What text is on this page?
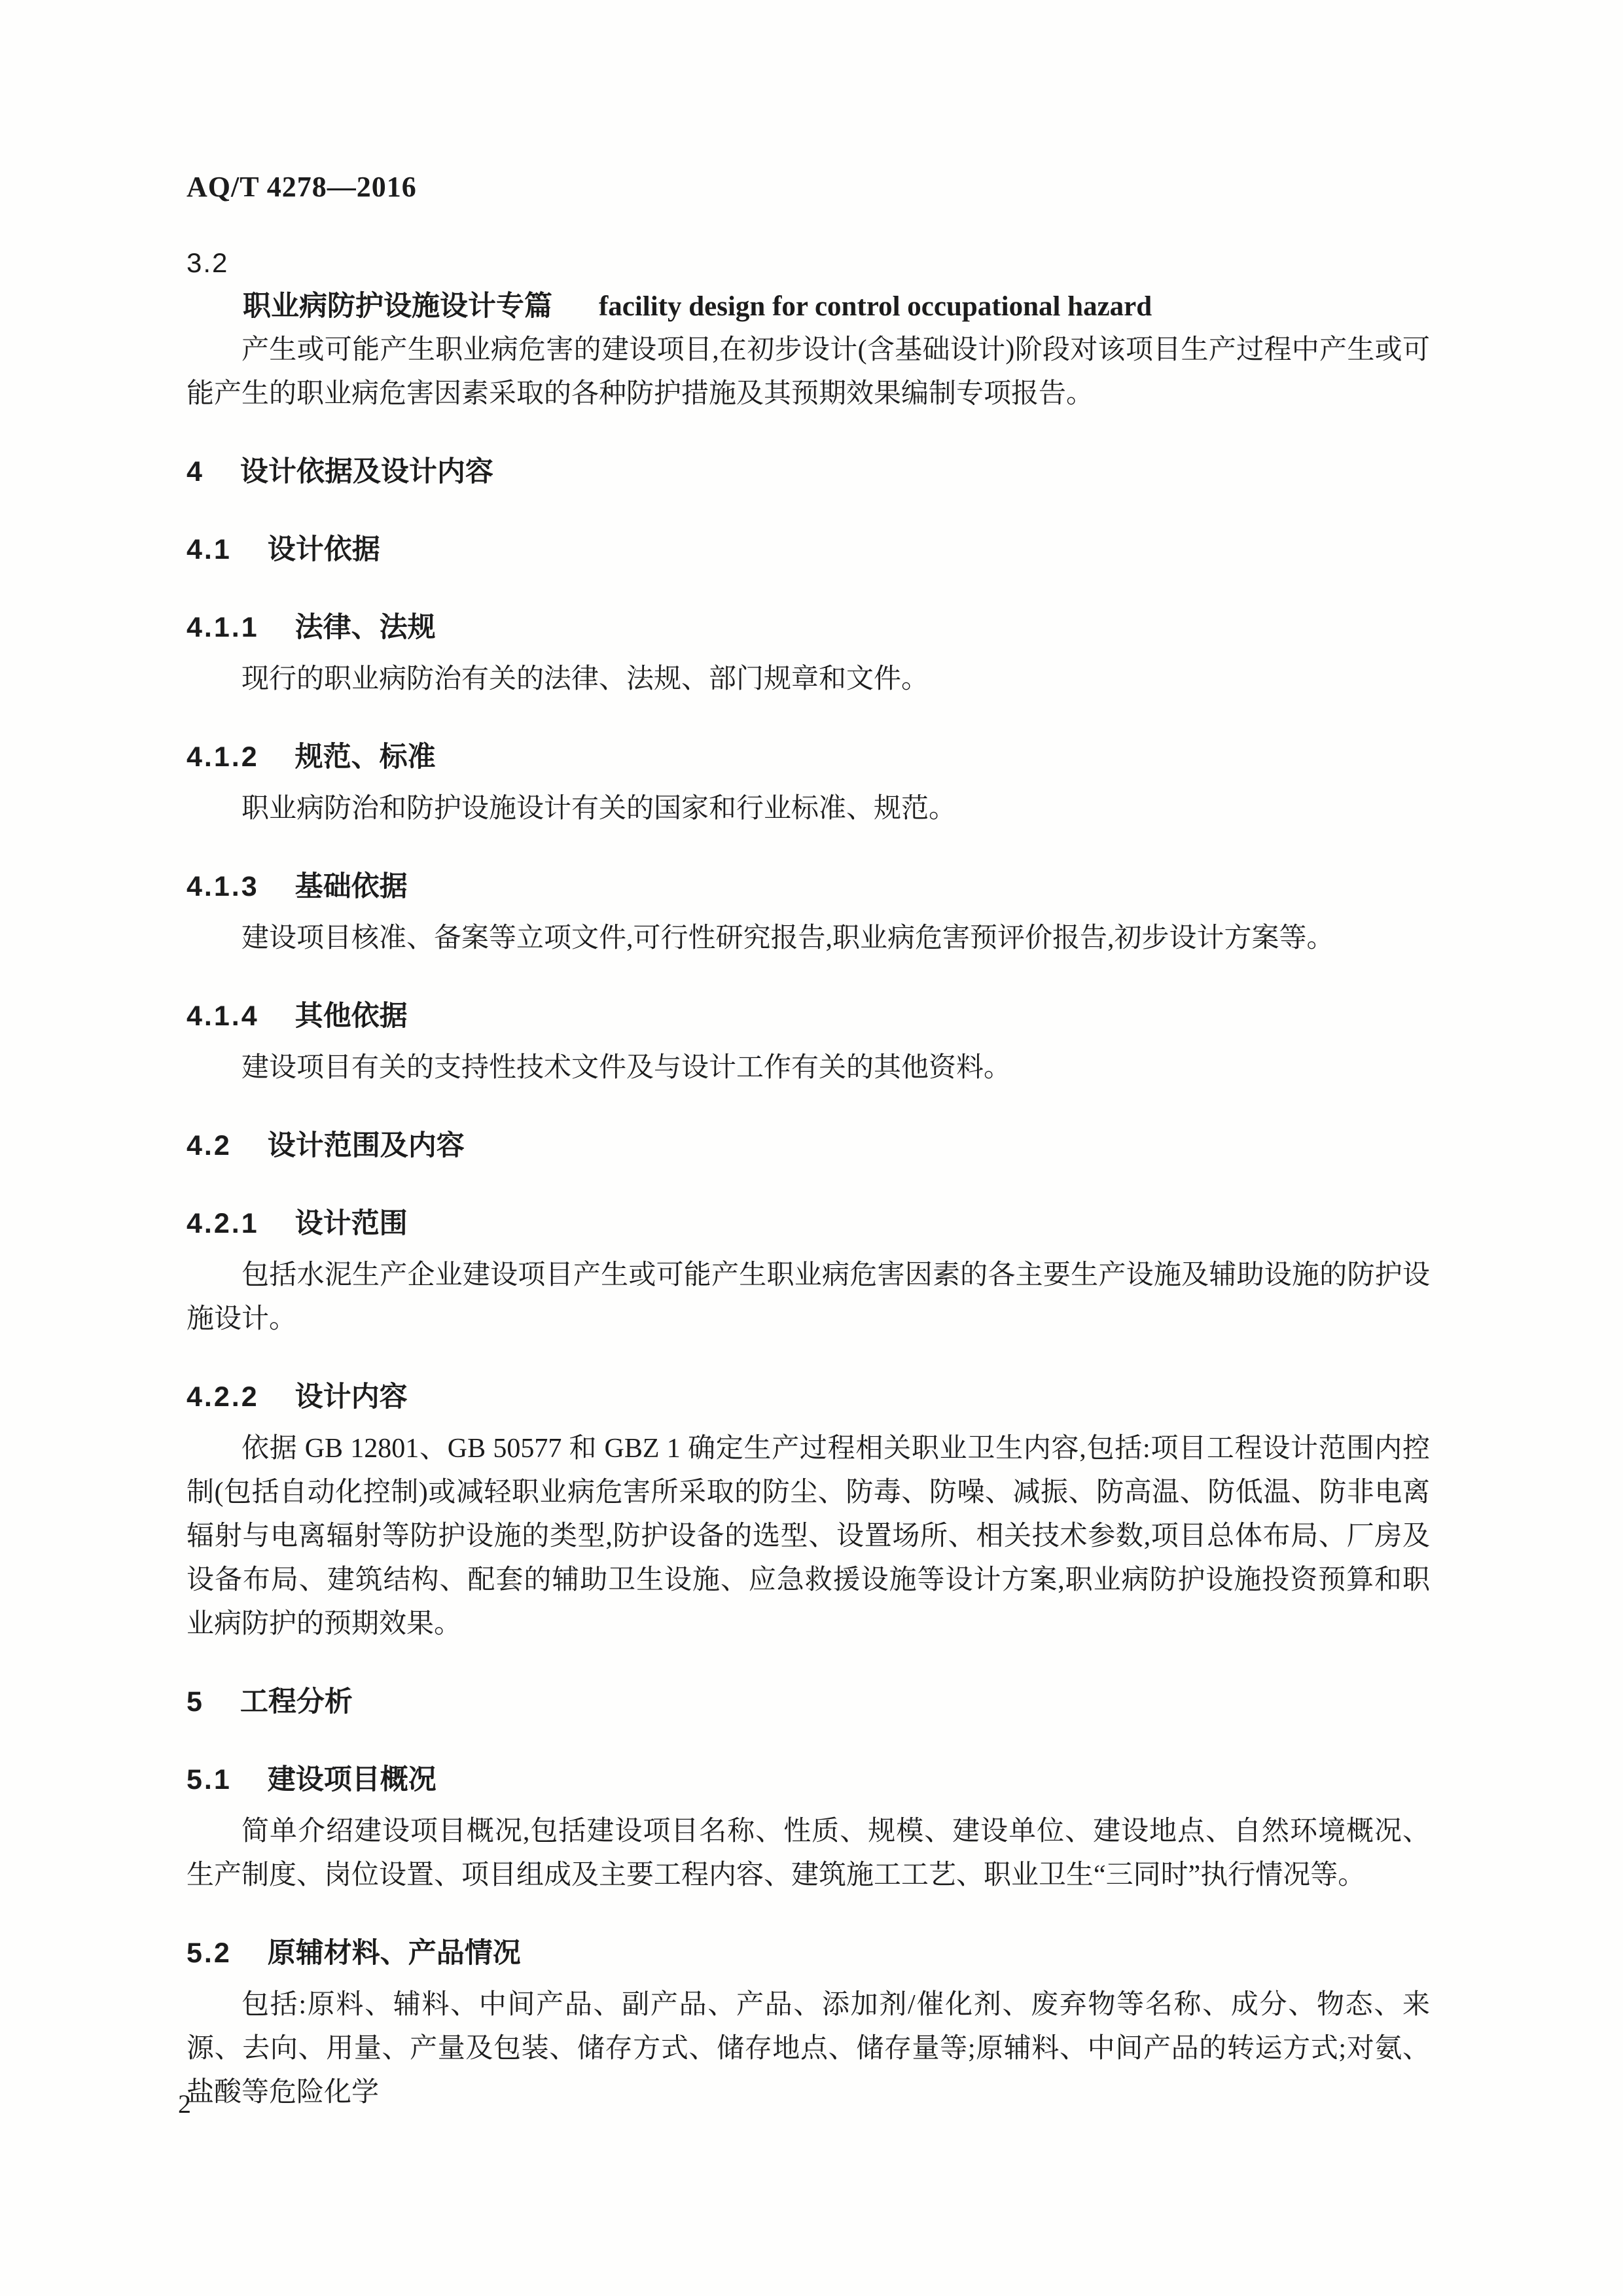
AQ/T 4278—2016

3.2

职业病防护设施设计专篇 facility design for control occupational hazard

产生或可能产生职业病危害的建设项目,在初步设计(含基础设计)阶段对该项目生产过程中产生或可能产生的职业病危害因素采取的各种防护措施及其预期效果编制专项报告。

4 设计依据及设计内容
4.1 设计依据
4.1.1 法律、法规

现行的职业病防治有关的法律、法规、部门规章和文件。

4.1.2 规范、标准

职业病防治和防护设施设计有关的国家和行业标准、规范。

4.1.3 基础依据

建设项目核准、备案等立项文件,可行性研究报告,职业病危害预评价报告,初步设计方案等。

4.1.4 其他依据

建设项目有关的支持性技术文件及与设计工作有关的其他资料。

4.2 设计范围及内容
4.2.1 设计范围

包括水泥生产企业建设项目产生或可能产生职业病危害因素的各主要生产设施及辅助设施的防护设施设计。

4.2.2 设计内容

依据 GB 12801、GB 50577 和 GBZ 1 确定生产过程相关职业卫生内容,包括:项目工程设计范围内控制(包括自动化控制)或减轻职业病危害所采取的防尘、防毒、防噪、减振、防高温、防低温、防非电离辐射与电离辐射等防护设施的类型,防护设备的选型、设置场所、相关技术参数,项目总体布局、厂房及设备布局、建筑结构、配套的辅助卫生设施、应急救援设施等设计方案,职业病防护设施投资预算和职业病防护的预期效果。

5 工程分析
5.1 建设项目概况

简单介绍建设项目概况,包括建设项目名称、性质、规模、建设单位、建设地点、自然环境概况、生产制度、岗位设置、项目组成及主要工程内容、建筑施工工艺、职业卫生“三同时”执行情况等。

5.2 原辅材料、产品情况

包括:原料、辅料、中间产品、副产品、产品、添加剂/催化剂、废弃物等名称、成分、物态、来源、去向、用量、产量及包装、储存方式、储存地点、储存量等;原辅料、中间产品的转运方式;对氨、盐酸等危险化学

2
